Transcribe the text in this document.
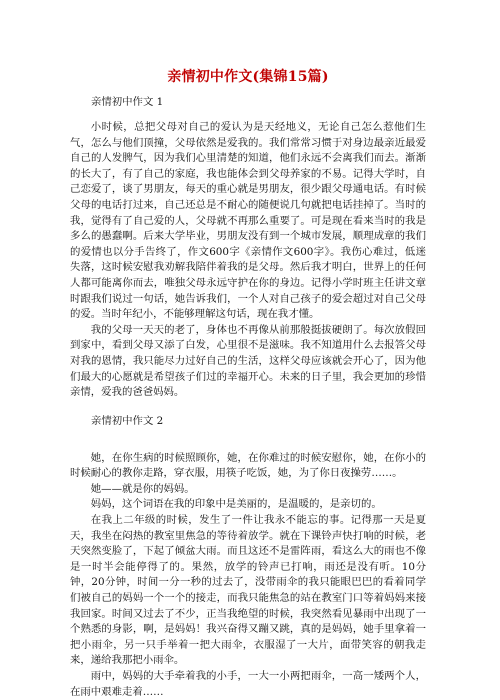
亲情初中作文(集锦15篇)

亲情初中作文 1

小时候，总把父母对自己的爱认为是天经地义，无论自己怎么惹他们生气，怎么与他们顶撞，父母依然是爱我的。我们常常习惯于对身边最亲近最爱自己的人发脾气，因为我们心里清楚的知道，他们永远不会离我们而去。渐渐的长大了，有了自己的家庭，我也能体会到父母养家的不易。记得大学时，自己恋爱了，谈了男朋友，每天的重心就是男朋友，很少跟父母通电话。有时候父母的电话打过来，自己还总是不耐心的随便说几句就把电话挂掉了。当时的我，觉得有了自己爱的人，父母就不再那么重要了。可是现在看来当时的我是多么的愚蠢啊。后来大学毕业，男朋友没有到一个城市发展，顺理成章的我们的爱情也以分手告终了，作文600字《亲情作文600字》。我伤心难过，低迷失落，这时候安慰我劝解我陪伴着我的是父母。然后我才明白，世界上的任何人都可能离你而去，唯独父母永远守护在你的身边。记得小学时班主任讲文章时跟我们说过一句话，她告诉我们，一个人对自己孩子的爱会超过对自己父母的爱。当时年纪小，不能够理解这句话，现在我才懂。

我的父母一天天的老了，身体也不再像从前那般挺拔硬朗了。每次放假回到家中，看到父母又添了白发，心里很不是滋味。我不知道用什么去报答父母对我的恩情，我只能尽力过好自己的生活，这样父母应该就会开心了，因为他们最大的心愿就是希望孩子们过的幸福开心。未来的日子里，我会更加的珍惜亲情，爱我的爸爸妈妈。

亲情初中作文 2

她，在你生病的时候照顾你，她，在你难过的时候安慰你，她，在你小的时候耐心的教你走路，穿衣服，用筷子吃饭，她，为了你日夜操劳……。

她——就是你的妈妈。

妈妈，这个词语在我的印象中是美丽的，是温暖的，是亲切的。

在我上二年级的时候，发生了一件让我永不能忘的事。记得那一天是夏天，我坐在闷热的教室里焦急的等待着放学。就在下课铃声快打响的时候，老天突然变脸了，下起了倾盆大雨。而且这还不是雷阵雨，看这么大的雨也不像是一时半会能停得了的。果然，放学的铃声已打响，雨还是没有听。10分钟，20分钟，时间一分一秒的过去了，没带雨伞的我只能眼巴巴的看着同学们被自己的妈妈一个一个的接走，而我只能焦急的站在教室门口等着妈妈来接我回家。时间又过去了不少，正当我绝望的时候，我突然看见暴雨中出现了一个熟悉的身影，啊，是妈妈！我兴奋得又蹦又跳，真的是妈妈，她手里拿着一把小雨伞，另一只手举着一把大雨伞，衣服湿了一大片，面带笑容的朝我走来，递给我那把小雨伞。

雨中，妈妈的大手牵着我的小手，一大一小两把雨伞，一高一矮两个人，在雨中艰难走着……
